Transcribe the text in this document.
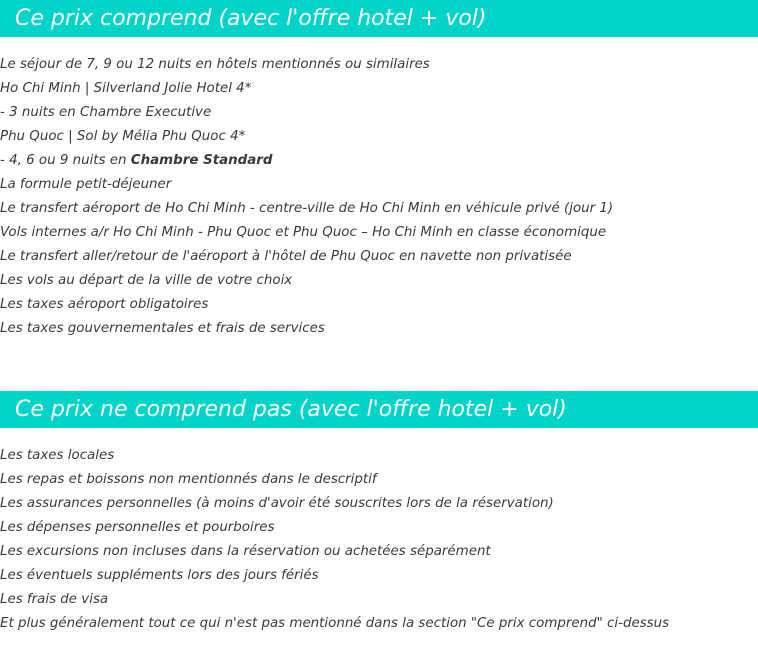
Ce prix comprend (avec l'offre hotel + vol)
Le séjour de 7, 9 ou 12 nuits en hôtels mentionnés ou similaires
Ho Chi Minh | Silverland Jolie Hotel 4*
- 3 nuits en Chambre Executive
Phu Quoc | Sol by Mélia Phu Quoc 4*
- 4, 6 ou 9 nuits en Chambre Standard
La formule petit-déjeuner
Le transfert aéroport de Ho Chi Minh - centre-ville de Ho Chi Minh en véhicule privé (jour 1)
Vols internes a/r Ho Chi Minh - Phu Quoc et Phu Quoc – Ho Chi Minh en classe économique
Le transfert aller/retour de l'aéroport à l'hôtel de Phu Quoc en navette non privatisée
Les vols au départ de la ville de votre choix
Les taxes aéroport obligatoires
Les taxes gouvernementales et frais de services
Ce prix ne comprend pas (avec l'offre hotel + vol)
Les taxes locales
Les repas et boissons non mentionnés dans le descriptif
Les assurances personnelles (à moins d'avoir été souscrites lors de la réservation)
Les dépenses personnelles et pourboires
Les excursions non incluses dans la réservation ou achetées séparément
Les éventuels suppléments lors des jours fériés
Les frais de visa
Et plus généralement tout ce qui n'est pas mentionné dans la section "Ce prix comprend" ci-dessus
